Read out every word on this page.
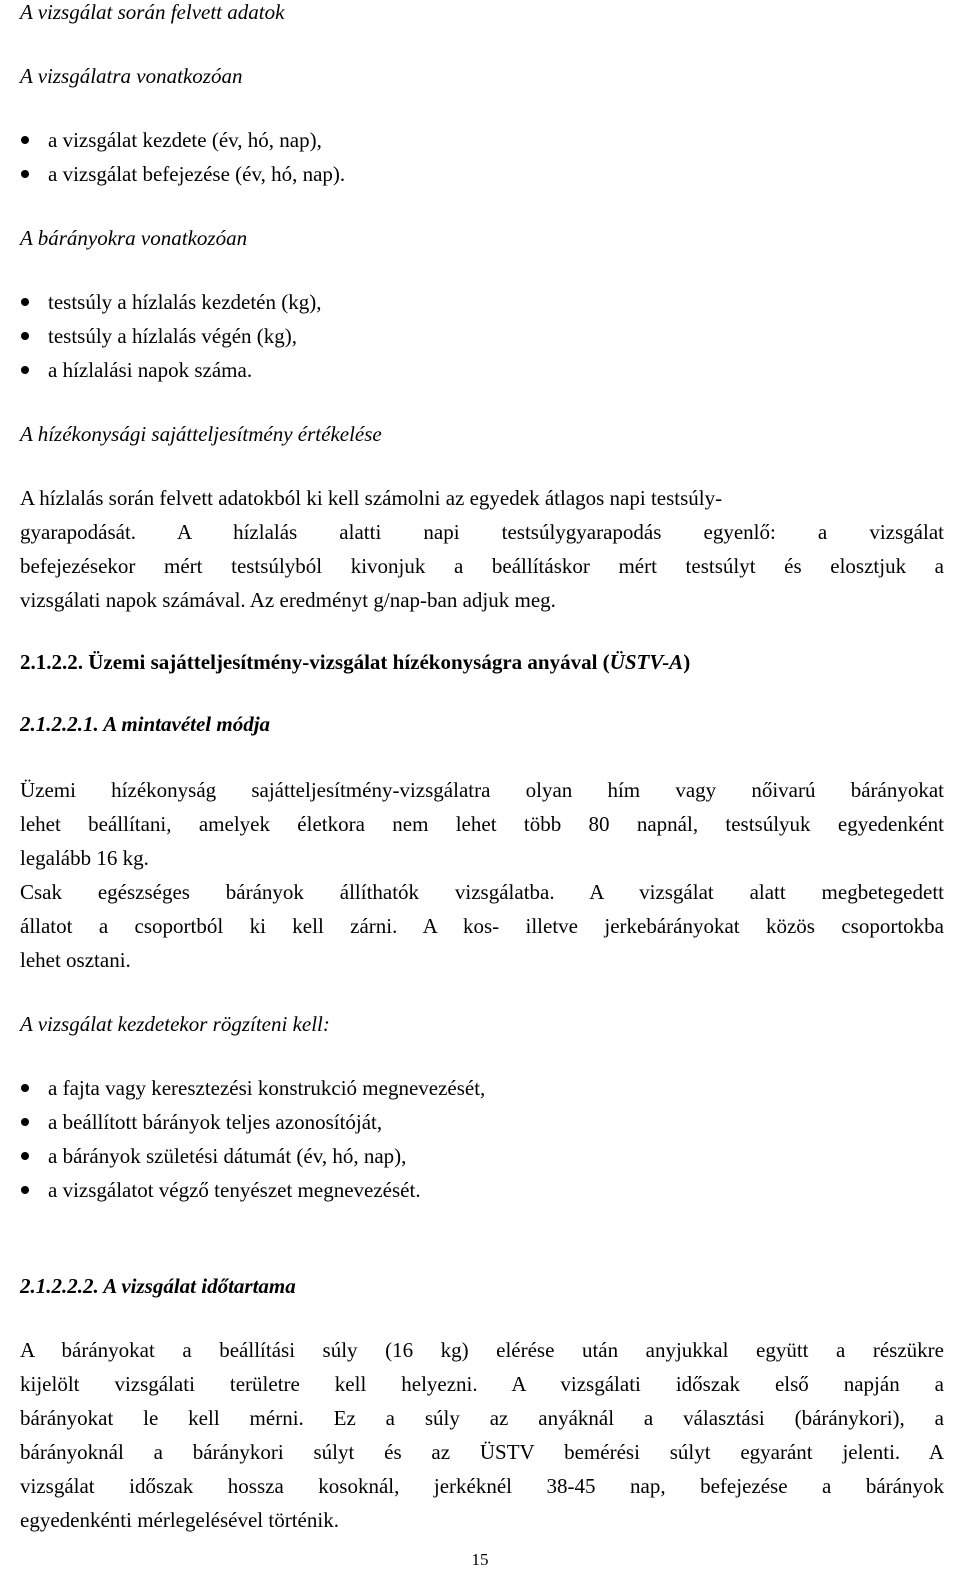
A vizsgálat során felvett adatok

A vizsgálatra vonatkozóan

a vizsgálat kezdete (év, hó, nap),
a vizsgálat befejezése (év, hó, nap).

A bárányokra vonatkozóan

testsúly a hízlalás kezdetén (kg),
testsúly a hízlalás végén (kg),
a hízlalási napok száma.

A hízékonysági sajátteljesítmény értékelése

A hízlalás során felvett adatokból ki kell számolni az egyedek átlagos napi testsúly-
gyarapodását. A hízlalás alatti napi testsúlygyarapodás egyenlő: a vizsgálat
befejezésekor mért testsúlyból kivonjuk a beállításkor mért testsúlyt és elosztjuk a
vizsgálati napok számával. Az eredményt g/nap-ban adjuk meg.

2.1.2.2. Üzemi sajátteljesítmény-vizsgálat hízékonyságra anyával (ÜSTV-A)

2.1.2.2.1. A mintavétel módja

Üzemi hízékonyság sajátteljesítmény-vizsgálatra olyan hím vagy nőivarú bárányokat
lehet beállítani, amelyek életkora nem lehet több 80 napnál, testsúlyuk egyedenként
legalább 16 kg.
Csak egészséges bárányok állíthatók vizsgálatba. A vizsgálat alatt megbetegedett
állatot a csoportból ki kell zárni. A kos- illetve jerkebárányokat közös csoportokba
lehet osztani.

A vizsgálat kezdetekor rögzíteni kell:

a fajta vagy keresztezési konstrukció megnevezését,
a beállított bárányok teljes azonosítóját,
a bárányok születési dátumát (év, hó, nap),
a vizsgálatot végző tenyészet megnevezését.

2.1.2.2.2. A vizsgálat időtartama

A bárányokat a beállítási súly (16 kg) elérése után anyjukkal együtt a részükre
kijelölt vizsgálati területre kell helyezni. A vizsgálati időszak első napján a
bárányokat le kell mérni. Ez a súly az anyáknál a választási (báránykori), a
bárányoknál a báránykori súlyt és az ÜSTV bemérési súlyt egyaránt jelenti. A
vizsgálat időszak hossza kosoknál, jerkéknél 38-45 nap, befejezése a bárányok
egyedenkénti mérlegelésével történik.
15
